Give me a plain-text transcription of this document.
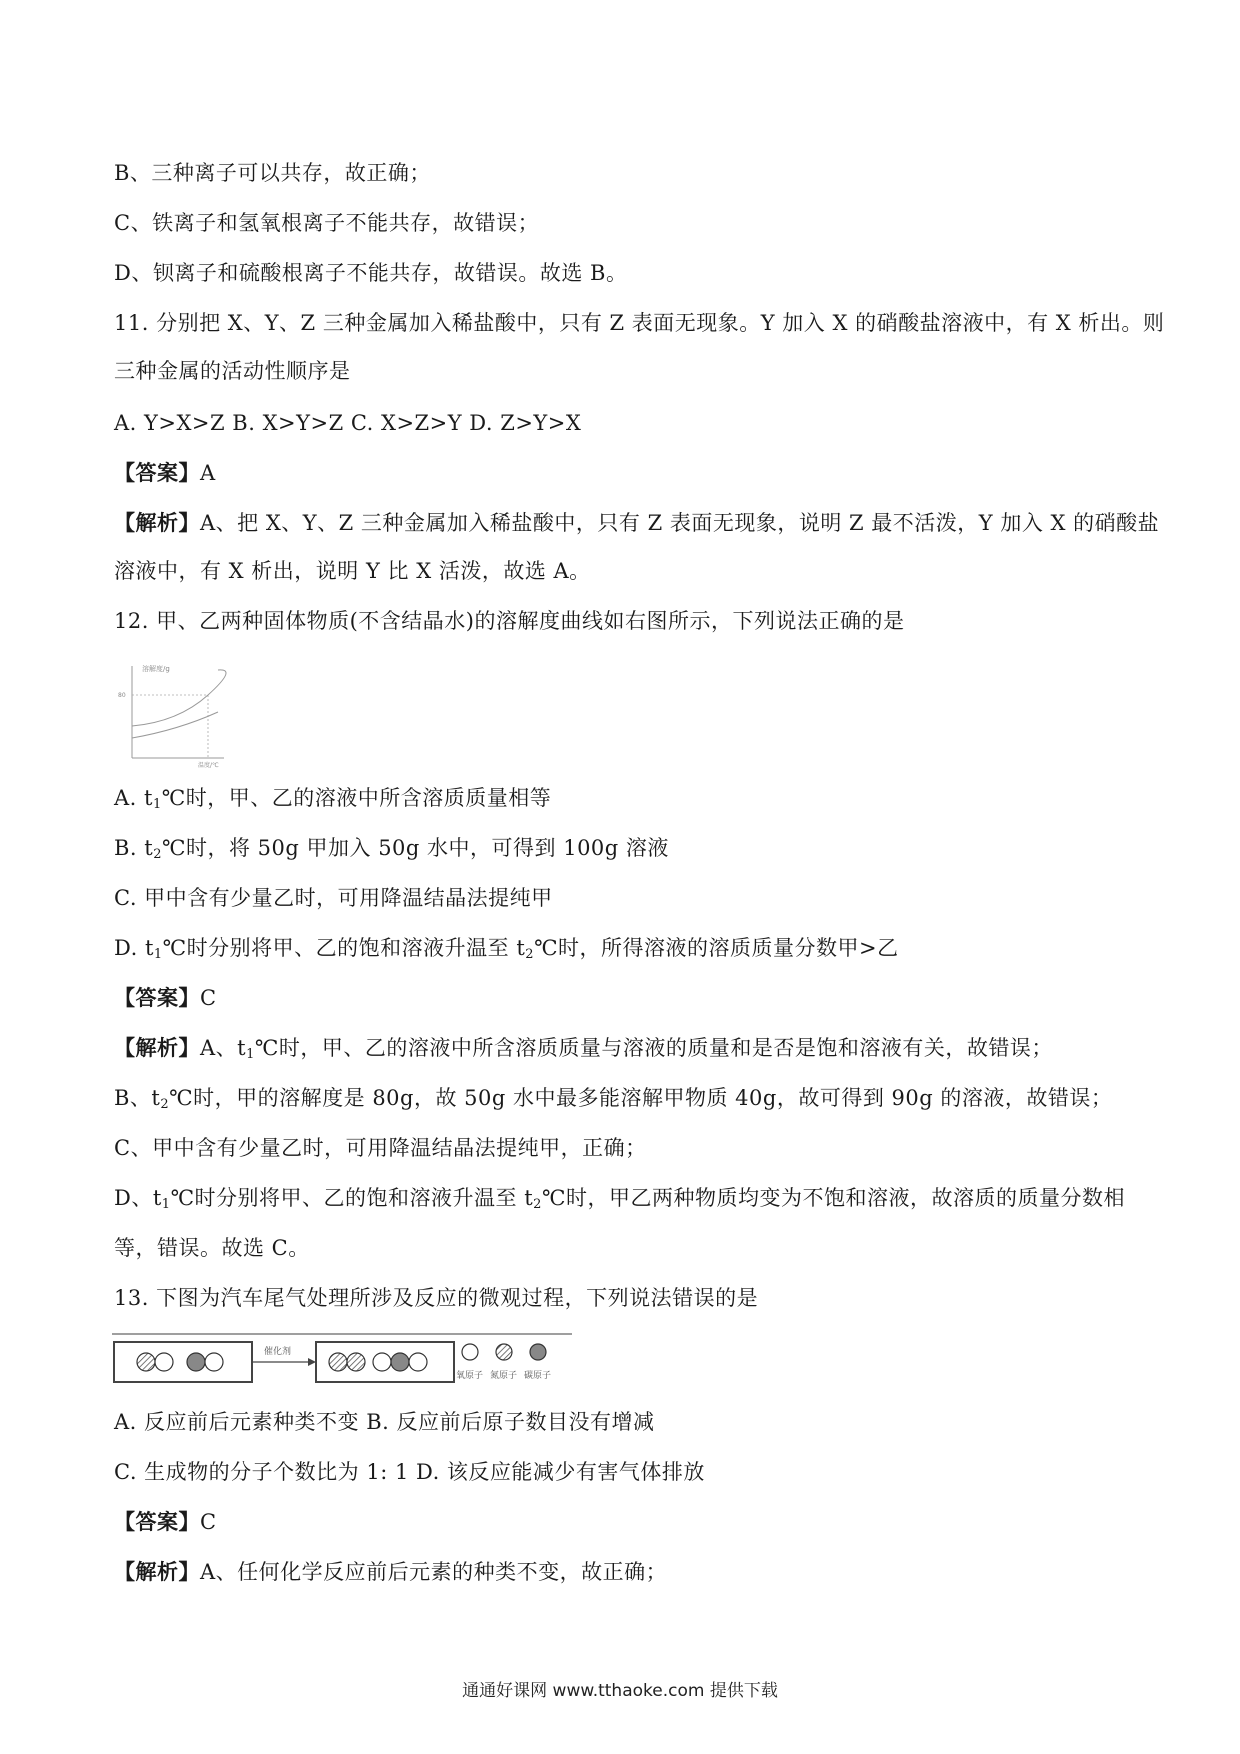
B、三种离子可以共存，故正确；
C、铁离子和氢氧根离子不能共存，故错误；
D、钡离子和硫酸根离子不能共存，故错误。故选 B。
11. 分别把 X、Y、Z 三种金属加入稀盐酸中，只有 Z 表面无现象。Y 加入 X 的硝酸盐溶液中，有 X 析出。则
三种金属的活动性顺序是
A. Y>X>Z B. X>Y>Z C. X>Z>Y D. Z>Y>X
【答案】A
【解析】A、把 X、Y、Z 三种金属加入稀盐酸中，只有 Z 表面无现象，说明 Z 最不活泼，Y 加入 X 的硝酸盐
溶液中，有 X 析出，说明 Y 比 X 活泼，故选 A。
12. 甲、乙两种固体物质(不含结晶水)的溶解度曲线如右图所示，下列说法正确的是
溶解度/g
80
温度/℃
A. $t_1℃$时，甲、乙的溶液中所含溶质质量相等
B. $t_2℃$时，将 50g 甲加入 50g 水中，可得到 100g 溶液
C. 甲中含有少量乙时，可用降温结晶法提纯甲
D. $t_1℃$时分别将甲、乙的饱和溶液升温至 $t_2℃$时，所得溶液的溶质质量分数甲>乙
【答案】C
【解析】A、$t_1℃$时，甲、乙的溶液中所含溶质质量与溶液的质量和是否是饱和溶液有关，故错误；
B、$t_2℃$时，甲的溶解度是 80g，故 50g 水中最多能溶解甲物质 40g，故可得到 90g 的溶液，故错误；
C、甲中含有少量乙时，可用降温结晶法提纯甲，正确；
D、$t_1℃$时分别将甲、乙的饱和溶液升温至 $t_2℃$时，甲乙两种物质均变为不饱和溶液，故溶质的质量分数相
等，错误。故选 C。
13. 下图为汽车尾气处理所涉及反应的微观过程，下列说法错误的是
催化剂
氧原子 氮原子 碳原子
A. 反应前后元素种类不变 B. 反应前后原子数目没有增减
C. 生成物的分子个数比为 1: 1 D. 该反应能减少有害气体排放
【答案】C
【解析】A、任何化学反应前后元素的种类不变，故正确；
通通好课网 www.tthaoke.com 提供下载
